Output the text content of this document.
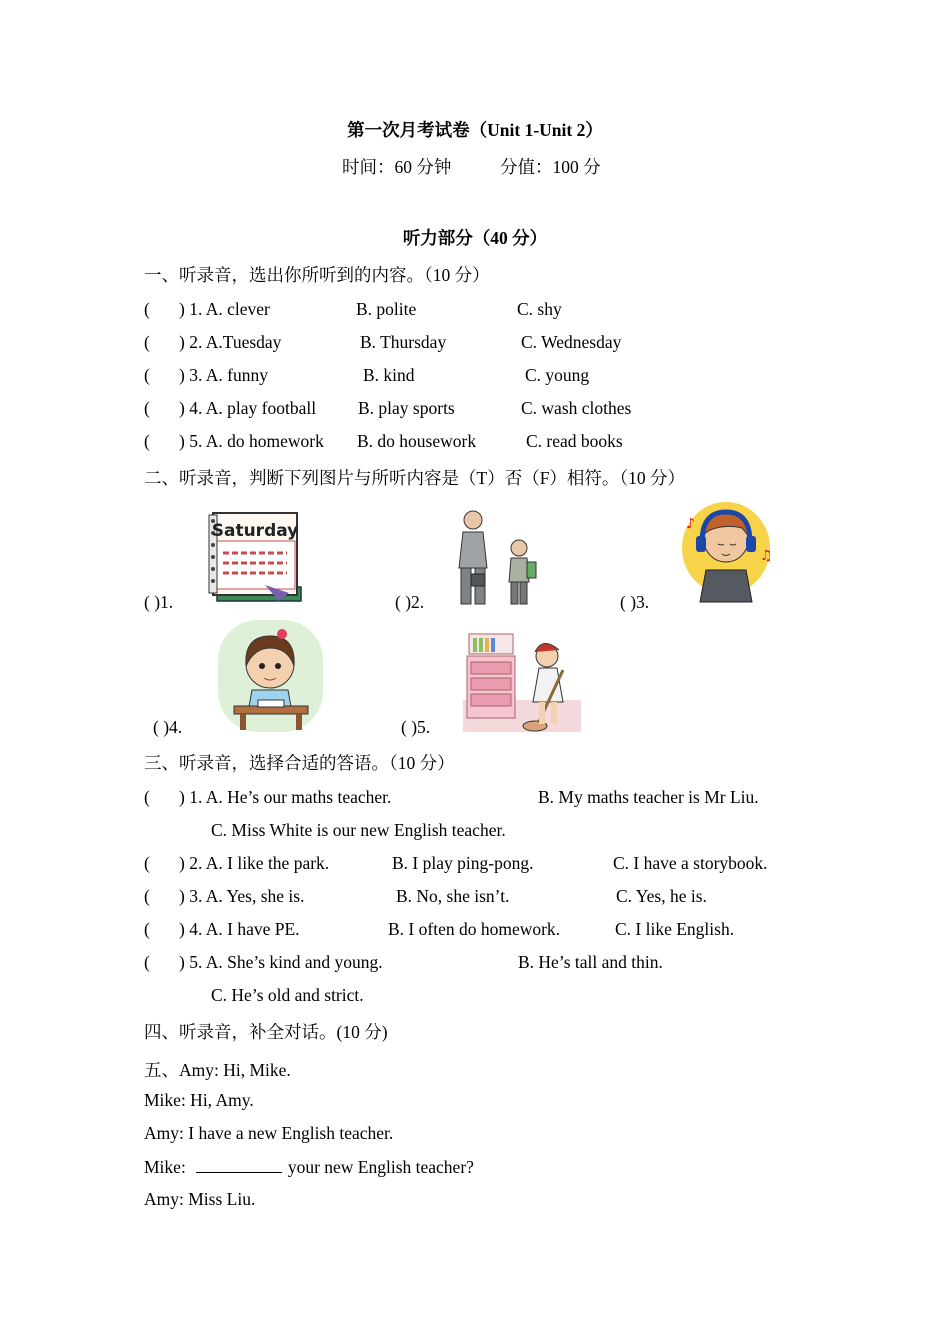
第一次月考试卷（Unit 1-Unit 2）
时间：60 分钟	分值：100 分
听力部分（40 分）
一、听录音，选出你所听到的内容。（10 分）
( ) 1. A. clever	B. polite	C. shy
( ) 2. A.Tuesday	B. Thursday	C. Wednesday
( ) 3. A. funny	B. kind	C. young
( ) 4. A. play football B. play sports	C. wash clothes
( ) 5. A. do homework B. do housework	C. read books
二、听录音，判断下列图片与所听内容是（T）否（F）相符。（10 分）
( )1.
Saturday
( )2.	( )3.
♪
♫
( )4.	( )5.
三、听录音，选择合适的答语。（10 分）
( ) 1. A. He’s our maths teacher.	B. My maths teacher is Mr Liu.
C. Miss White is our new English teacher.
( ) 2. A. I like the park.	B. I play ping-pong.	C. I have a storybook.
( ) 3. A. Yes, she is.	B. No, she isn’t.	C. Yes, he is.
( ) 4. A. I have PE.	B. I often do homework.	C. I like English.
( ) 5. A. She’s kind and young.	B. He’s tall and thin.
C. He’s old and strict.
四、听录音，补全对话。(10 分)
五、Amy: Hi, Mike.
Mike: Hi, Amy.
Amy: I have a new English teacher.
Mike:	your new English teacher?
Amy: Miss Liu.
